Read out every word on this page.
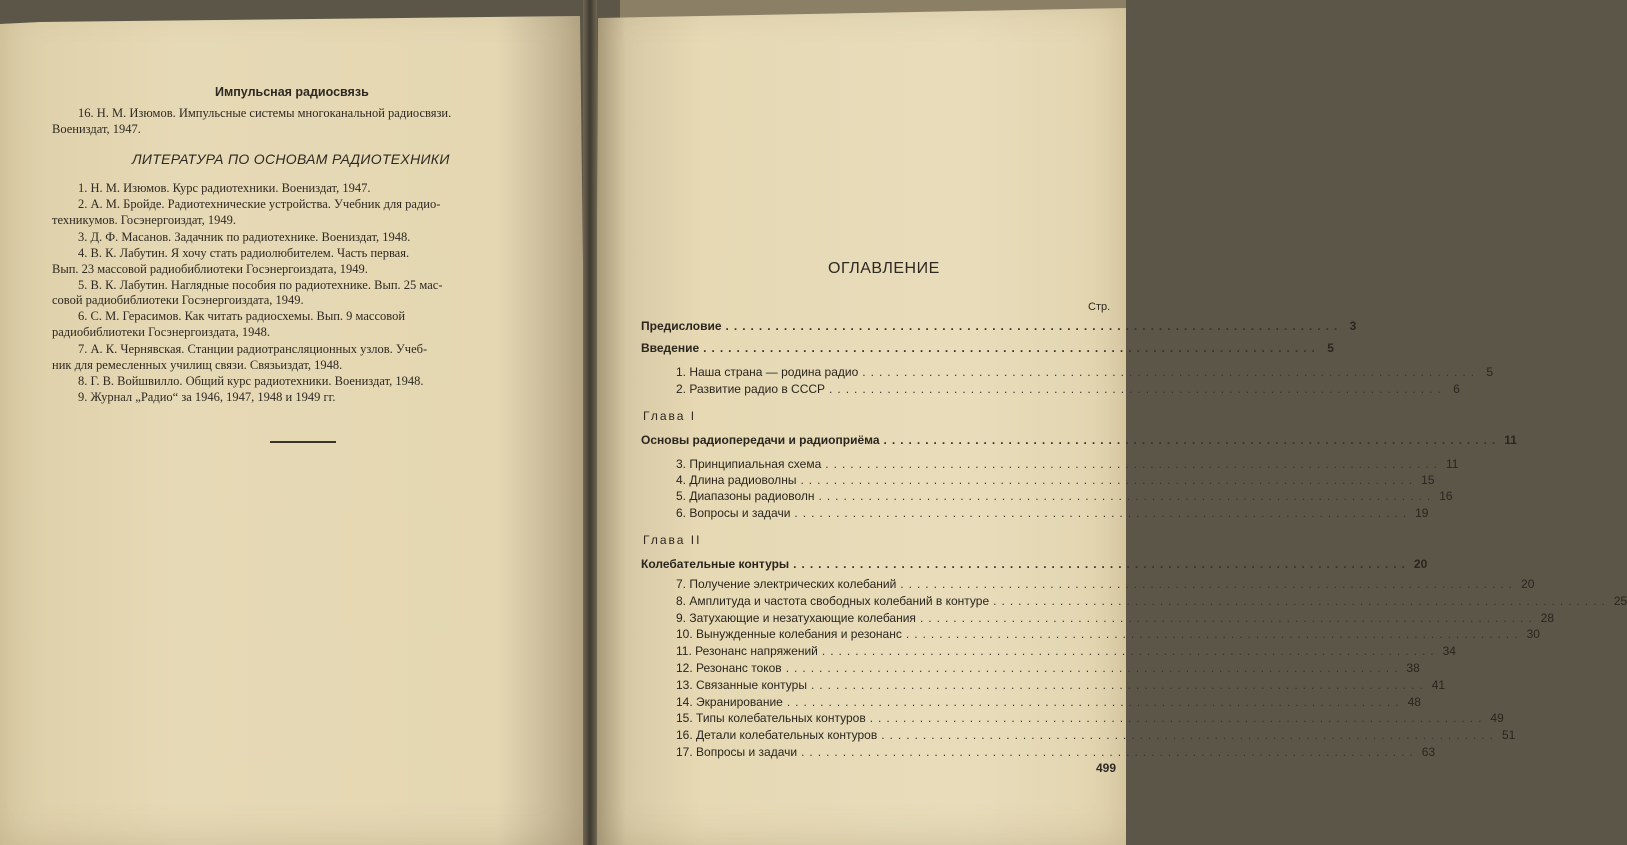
Импульсная радиосвязь
16. Н. М. Изюмов. Импульсные системы многоканальной радиосвязи.
Воениздат, 1947.
ЛИТЕРАТУРА ПО ОСНОВАМ РАДИОТЕХНИКИ
1. Н. М. Изюмов. Курс радиотехники. Воениздат, 1947.
2. А. М. Бройде. Радиотехнические устройства. Учебник для радио-
техникумов. Госэнергоиздат, 1949.
3. Д. Ф. Масанов. Задачник по радиотехнике. Воениздат, 1948.
4. В. К. Лабутин. Я хочу стать радиолюбителем. Часть первая.
Вып. 23 массовой радиобиблиотеки Госэнергоиздата, 1949.
5. В. К. Лабутин. Наглядные пособия по радиотехнике. Вып. 25 мас-
совой радиобиблиотеки Госэнергоиздата, 1949.
6. С. М. Герасимов. Как читать радиосхемы. Вып. 9 массовой
радиобиблиотеки Госэнергоиздата, 1948.
7. А. К. Чернявская. Станции радиотрансляционных узлов. Учеб-
ник для ремесленных училищ связи. Связьиздат, 1948.
8. Г. В. Войшвилло. Общий курс радиотехники. Воениздат, 1948.
9. Журнал „Радио“ за 1946, 1947, 1948 и 1949 гг.
ОГЛАВЛЕНИЕ
Стр.
Предисловие .......................................................................... 3
Введение .......................................................................... 5
1. Наша страна — родина радио .......................................................................... 5
2. Развитие радио в СССР .......................................................................... 6
Глава I
Основы радиопередачи и радиоприёма .......................................................................... 11
3. Принципиальная схема .......................................................................... 11
4. Длина радиоволны .......................................................................... 15
5. Диапазоны радиоволн .......................................................................... 16
6. Вопросы и задачи .......................................................................... 19
Глава II
Колебательные контуры .......................................................................... 20
7. Получение электрических колебаний .......................................................................... 20
8. Амплитуда и частота свободных колебаний в контуре .......................................................................... 25
9. Затухающие и незатухающие колебания .......................................................................... 28
10. Вынужденные колебания и резонанс .......................................................................... 30
11. Резонанс напряжений .......................................................................... 34
12. Резонанс токов .......................................................................... 38
13. Связанные контуры .......................................................................... 41
14. Экранирование .......................................................................... 48
15. Типы колебательных контуров .......................................................................... 49
16. Детали колебательных контуров .......................................................................... 51
17. Вопросы и задачи .......................................................................... 63
499
